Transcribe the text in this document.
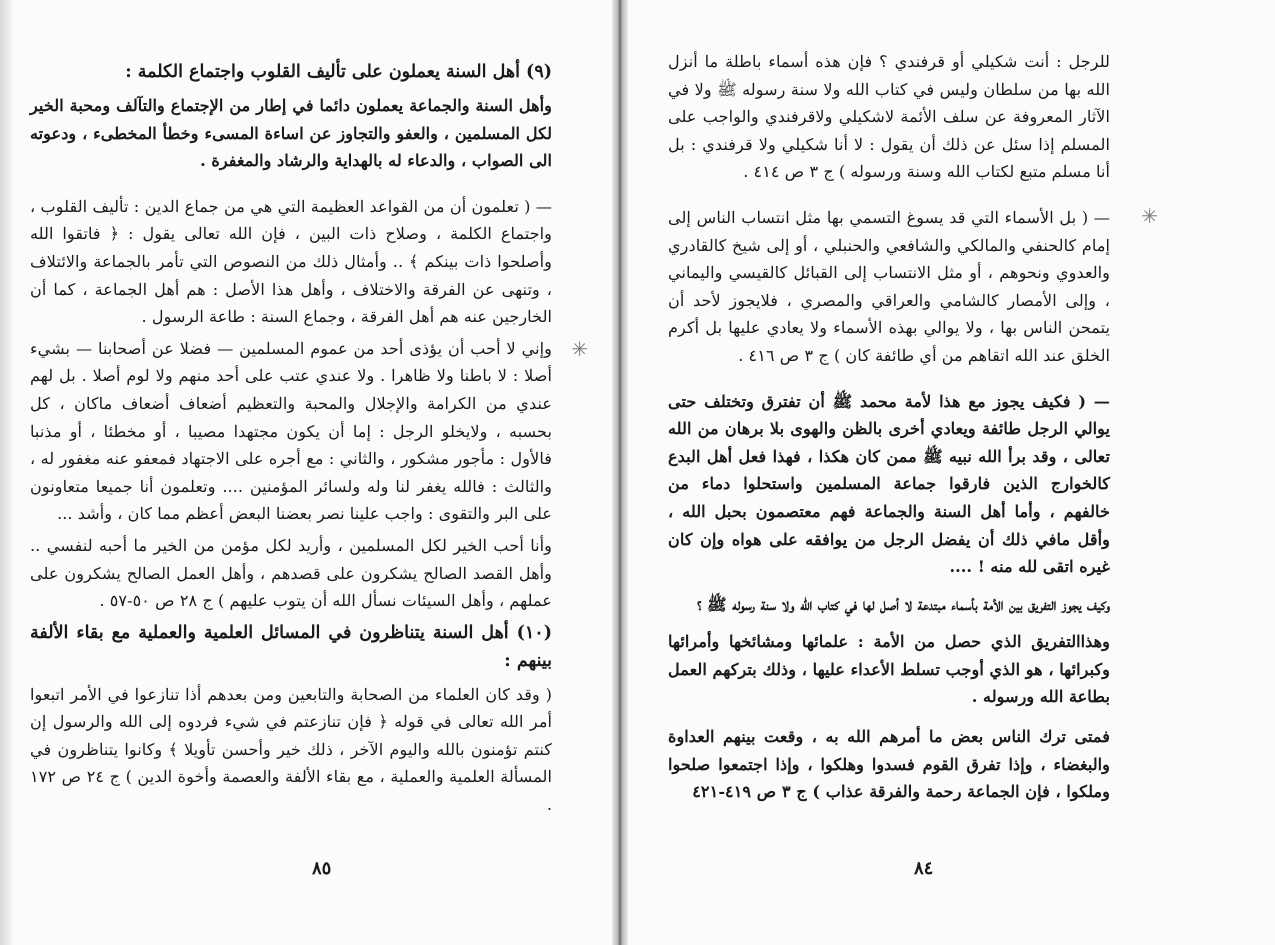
(٩) أهل السنة يعملون على تأليف القلوب واجتماع الكلمة :
وأهل السنة والجماعة يعملون دائما في إطار من الإجتماع والتآلف ومحبة الخير لكل المسلمين ، والعفو والتجاوز عن اساءة المسىء وخطأ المخطىء ، ودعوته الى الصواب ، والدعاء له بالهداية والرشاد والمغفرة .
— ( تعلمون أن من القواعد العظيمة التي هي من جماع الدين : تأليف القلوب ، واجتماع الكلمة ، وصلاح ذات البين ، فإن الله تعالى يقول : ﴿ فاتقوا الله وأصلحوا ذات بينكم ﴾ .. وأمثال ذلك من النصوص التي تأمر بالجماعة والائتلاف ، وتنهى عن الفرقة والاختلاف ، وأهل هذا الأصل : هم أهل الجماعة ، كما أن الخارجين عنه هم أهل الفرقة ، وجماع السنة : طاعة الرسول .
✳
وإني لا أحب أن يؤذى أحد من عموم المسلمين — فضلا عن أصحابنا — بشيء أصلا : لا باطنا ولا ظاهرا . ولا عندي عتب على أحد منهم ولا لوم أصلا . بل لهم عندي من الكرامة والإجلال والمحبة والتعظيم أضعاف أضعاف ماكان ، كل بحسبه ، ولايخلو الرجل : إما أن يكون مجتهدا مصيبا ، أو مخطئا ، أو مذنبا فالأول : مأجور مشكور ، والثاني : مع أجره على الاجتهاد فمعفو عنه مغفور له ، والثالث : فالله يغفر لنا وله ولسائر المؤمنين .... وتعلمون أنا جميعا متعاونون على البر والتقوى : واجب علينا نصر بعضنا البعض أعظم مما كان ، وأشد ...
وأنا أحب الخير لكل المسلمين ، وأريد لكل مؤمن من الخير ما أحبه لنفسي .. وأهل القصد الصالح يشكرون على قصدهم ، وأهل العمل الصالح يشكرون على عملهم ، وأهل السيئات نسأل الله أن يتوب عليهم ) ج ٢٨ ص ٥٠-٥٧ .
(١٠) أهل السنة يتناظرون في المسائل العلمية والعملية مع بقاء الألفة بينهم :
( وقد كان العلماء من الصحابة والتابعين ومن بعدهم أذا تنازعوا في الأمر اتبعوا أمر الله تعالى في قوله ﴿ فإن تنازعتم في شيء فردوه إلى الله والرسول إن كنتم تؤمنون بالله واليوم الآخر ، ذلك خير وأحسن تأويلا ﴾ وكانوا يتناظرون في المسألة العلمية والعملية ، مع بقاء الألفة والعصمة وأخوة الدين ) ج ٢٤ ص ١٧٢ .
٨٥
للرجل : أنت شكيلي أو قرفندي ؟ فإن هذه أسماء باطلة ما أنزل الله بها من سلطان وليس في كتاب الله ولا سنة رسوله ﷺ ولا في الآثار المعروفة عن سلف الأئمة لاشكيلي ولاقرفندي والواجب على المسلم إذا سئل عن ذلك أن يقول : لا أنا شكيلي ولا قرفندي : بل أنا مسلم متبع لكتاب الله وسنة ورسوله ) ج ٣ ص ٤١٤ .
✳
— ( بل الأسماء التي قد يسوغ التسمي بها مثل انتساب الناس إلى إمام كالحنفي والمالكي والشافعي والحنبلي ، أو إلى شيخ كالقادري والعدوي ونحوهم ، أو مثل الانتساب إلى القبائل كالقيسي واليماني ، وإلى الأمصار كالشامي والعراقي والمصري ، فلايجوز لأحد أن يتمحن الناس بها ، ولا يوالي بهذه الأسماء ولا يعادي عليها بل أكرم الخلق عند الله اتقاهم من أي طائفة كان ) ج ٣ ص ٤١٦ .
— ( فكيف يجوز مع هذا لأمة محمد ﷺ أن تفترق وتختلف حتى يوالي الرجل طائفة ويعادي أخرى بالظن والهوى بلا برهان من الله تعالى ، وقد برأ الله نبيه ﷺ ممن كان هكذا ، فهذا فعل أهل البدع كالخوارج الذين فارقوا جماعة المسلمين واستحلوا دماء من خالفهم ، وأما أهل السنة والجماعة فهم معتصمون بحبل الله ، وأقل مافي ذلك أن يفضل الرجل من يوافقه على هواه وإن كان غيره اتقى لله منه ! ....
وكيف يجوز التفريق بين الأمة بأسماء مبتدعة لا أصل لها في كتاب الله ولا سنة رسوله ﷺ ؟
وهذاالتفريق الذي حصل من الأمة : علمائها ومشائخها وأمرائها وكبرائها ، هو الذي أوجب تسلط الأعداء عليها ، وذلك بتركهم العمل بطاعة الله ورسوله .
فمتى ترك الناس بعض ما أمرهم الله به ، وقعت بينهم العداوة والبغضاء ، وإذا تفرق القوم فسدوا وهلكوا ، وإذا اجتمعوا صلحوا وملكوا ، فإن الجماعة رحمة والفرقة عذاب ) ج ٣ ص ٤١٩-٤٢١
٨٤
